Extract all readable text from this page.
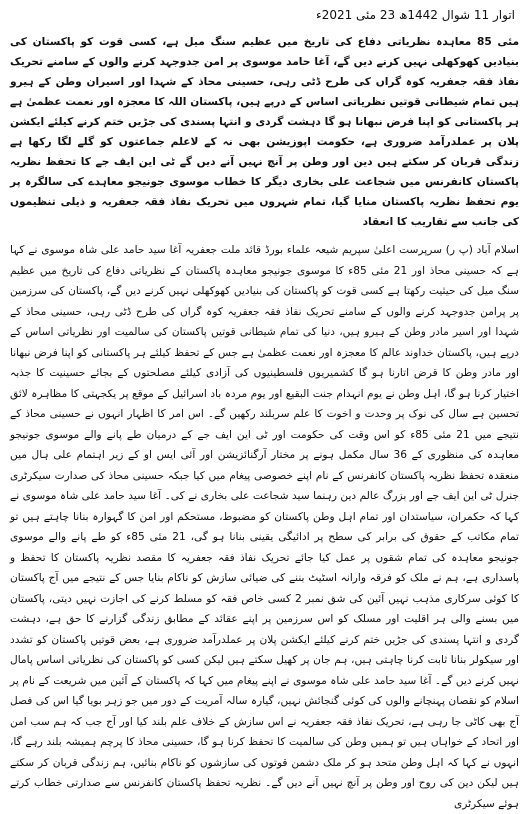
اتوار 11 شوال 1442ھ 23 مئی 2021ء

مئی 85 معاہدہ نظریاتی دفاع کی تاریخ میں عظیم سنگ میل ہے، کسی قوت کو پاکستان کی بنیادیں کھوکھلی نہیں کرنے دیں گے، آغا حامد موسوی پر امن جدوجہد کرنے والوں کے سامنے تحریک نفاذ فقہ جعفریہ کوہ گراں کی طرح ڈٹی رہی، حسینی محاذ کے شہدا اور اسیران وطن کے ہیرو ہیں تمام شیطانی قوتیں نظریاتی اساس کے درپے ہیں، پاکستان اللہ کا معجزہ اور نعمت عظمیٰ ہے ہر پاکستانی کو اپنا فرض نبھانا ہو گا دہشت گردی و انتہا پسندی کی جڑیں ختم کرنے کیلئے ایکشن پلان پر عملدرآمد ضروری ہے، حکومت اپوزیشن بھی نہ کے لاعلم جماعتوں کو گلے لگا رکھا ہے زندگی قربان کر سکتے ہیں دین اور وطن پر آنچ نہیں آنے دیں گے ٹی این ایف جے کا تحفظ نظریہ پاکستان کانفرنس میں شجاعت علی بخاری دیگر کا خطاب موسوی جونیجو معاہدے کی سالگرہ پر یوم تحفظ نظریہ پاکستان منایا گیا، تمام شہروں میں تحریک نفاذ فقہ جعفریہ و ذیلی تنظیموں کی جانب سے تقاریب کا انعقاد

اسلام آباد (پ ر) سرپرست اعلیٰ سپریم شیعہ علماء بورڈ قائد ملت جعفریہ آغا سید حامد علی شاہ موسوی نے کہا ہے کہ حسینی محاذ اور 21 مئی 85ء کا موسوی جونیجو معاہدہ پاکستان کے نظریاتی دفاع کی تاریخ میں عظیم سنگ میل کی حیثیت رکھتا ہے کسی قوت کو پاکستان کی بنیادیں کھوکھلی نہیں کرنے دیں گے، پاکستان کی سرزمین پر پرامن جدوجہد کرنے والوں کے سامنے تحریک نفاذ فقہ جعفریہ کوہ گراں کی طرح ڈٹی رہی، حسینی محاذ کے شہدا اور اسیر مادر وطن کے ہیرو ہیں، دنیا کی تمام شیطانی قوتیں پاکستان کی سالمیت اور نظریاتی اساس کے درپے ہیں، پاکستان خداوند عالم کا معجزہ اور نعمت عظمیٰ ہے جس کے تحفظ کیلئے ہر پاکستانی کو اپنا فرض نبھانا اور مادر وطن کا قرض اتارنا ہو گا کشمیریوں فلسطینیوں کی آزادی کیلئے مصلحتوں کے بجائے حسینیت کا جذبہ اختیار کرنا ہو گا، اہل وطن نے یوم انہدام جنت البقیع اور یوم مردہ باد اسرائیل کے موقع پر یکجہتی کا مظاہرہ لائق تحسین ہے سال کی نوک پر وحدت و اخوت کا علم سربلند رکھیں گے۔ اس امر کا اظہار انہوں نے حسینی محاذ کے نتیجے میں 21 مئی 85ء کو اس وقت کی حکومت اور ٹی این ایف جے کے درمیان طے پانے والے موسوی جونیجو معاہدہ کی منظوری کے 36 سال مکمل ہونے پر مختار آرگنائزیشن اور آئی ایس او کے زیر اہتمام علی ہال میں منعقدہ تحفظ نظریہ پاکستان کانفرنس کے نام اپنے خصوصی پیغام میں کیا جبکہ حسینی محاذ کی صدارت سیکرٹری جنرل ٹی این ایف جے اور بزرگ عالم دین رہنما سید شجاعت علی بخاری نے کی۔ آغا سید حامد علی شاہ موسوی نے کہا کہ حکمران، سیاستدان اور تمام اہل وطن پاکستان کو مضبوط، مستحکم اور امن کا گہوارہ بنانا چاہتے ہیں تو تمام مکاتب کے حقوق کی برابر کی سطح پر ادائیگی یقینی بنانا ہو گی، 21 مئی 85ء کو طے پانے والے موسوی جونیجو معاہدہ کی تمام شقوں پر عمل کیا جائے تحریک نفاذ فقہ جعفریہ کا مقصد نظریہ پاکستان کا تحفظ و پاسداری ہے، ہم نے ملک کو فرقہ وارانہ اسٹیٹ بننے کی ضیائی سازش کو ناکام بنایا جس کے نتیجے میں آج پاکستان کا کوئی سرکاری مذہب نہیں آئین کی شق نمبر 2 کسی خاص فقہ کو مسلط کرنے کی اجازت نہیں دیتی، پاکستان میں بسنے والی ہر اقلیت اور مسلک کو اس سرزمین پر اپنے عقائد کے مطابق زندگی گزارنے کا حق ہے، دہشت گردی و انتہا پسندی کی جڑیں ختم کرنے کیلئے ایکشن پلان پر عملدرآمد ضروری ہے، بعض قوتیں پاکستان کو تشدد اور سیکولر بنانا ثابت کرنا چاہتی ہیں، ہم جان پر کھیل سکتے ہیں لیکن کسی کو پاکستان کی نظریاتی اساس پامال نہیں کرنے دیں گے۔ آغا سید حامد علی شاہ موسوی نے اپنے پیغام میں کہا کہ پاکستان کے آئین میں شریعت کے نام پر اسلام کو نقصان پہنچانے والوں کی کوئی گنجائش نہیں، گیارہ سالہ آمریت کے دور میں جو زہر بویا گیا اس کی فصل آج بھی کاٹی جا رہی ہے، تحریک نفاذ فقہ جعفریہ نے اس سازش کے خلاف علم بلند کیا اور آج جب کہ ہم سب امن اور اتحاد کے خواہاں ہیں تو ہمیں وطن کی سالمیت کا تحفظ کرنا ہو گا، حسینی محاذ کا پرچم ہمیشہ بلند رہے گا، انہوں نے کہا کہ اہل وطن متحد ہو کر ملک دشمن قوتوں کی سازشوں کو ناکام بنائیں، ہم زندگی قربان کر سکتے ہیں لیکن دین کی روح اور وطن پر آنچ نہیں آنے دیں گے۔ نظریہ تحفظ پاکستان کانفرنس سے صدارتی خطاب کرتے ہوئے سیکرٹری
